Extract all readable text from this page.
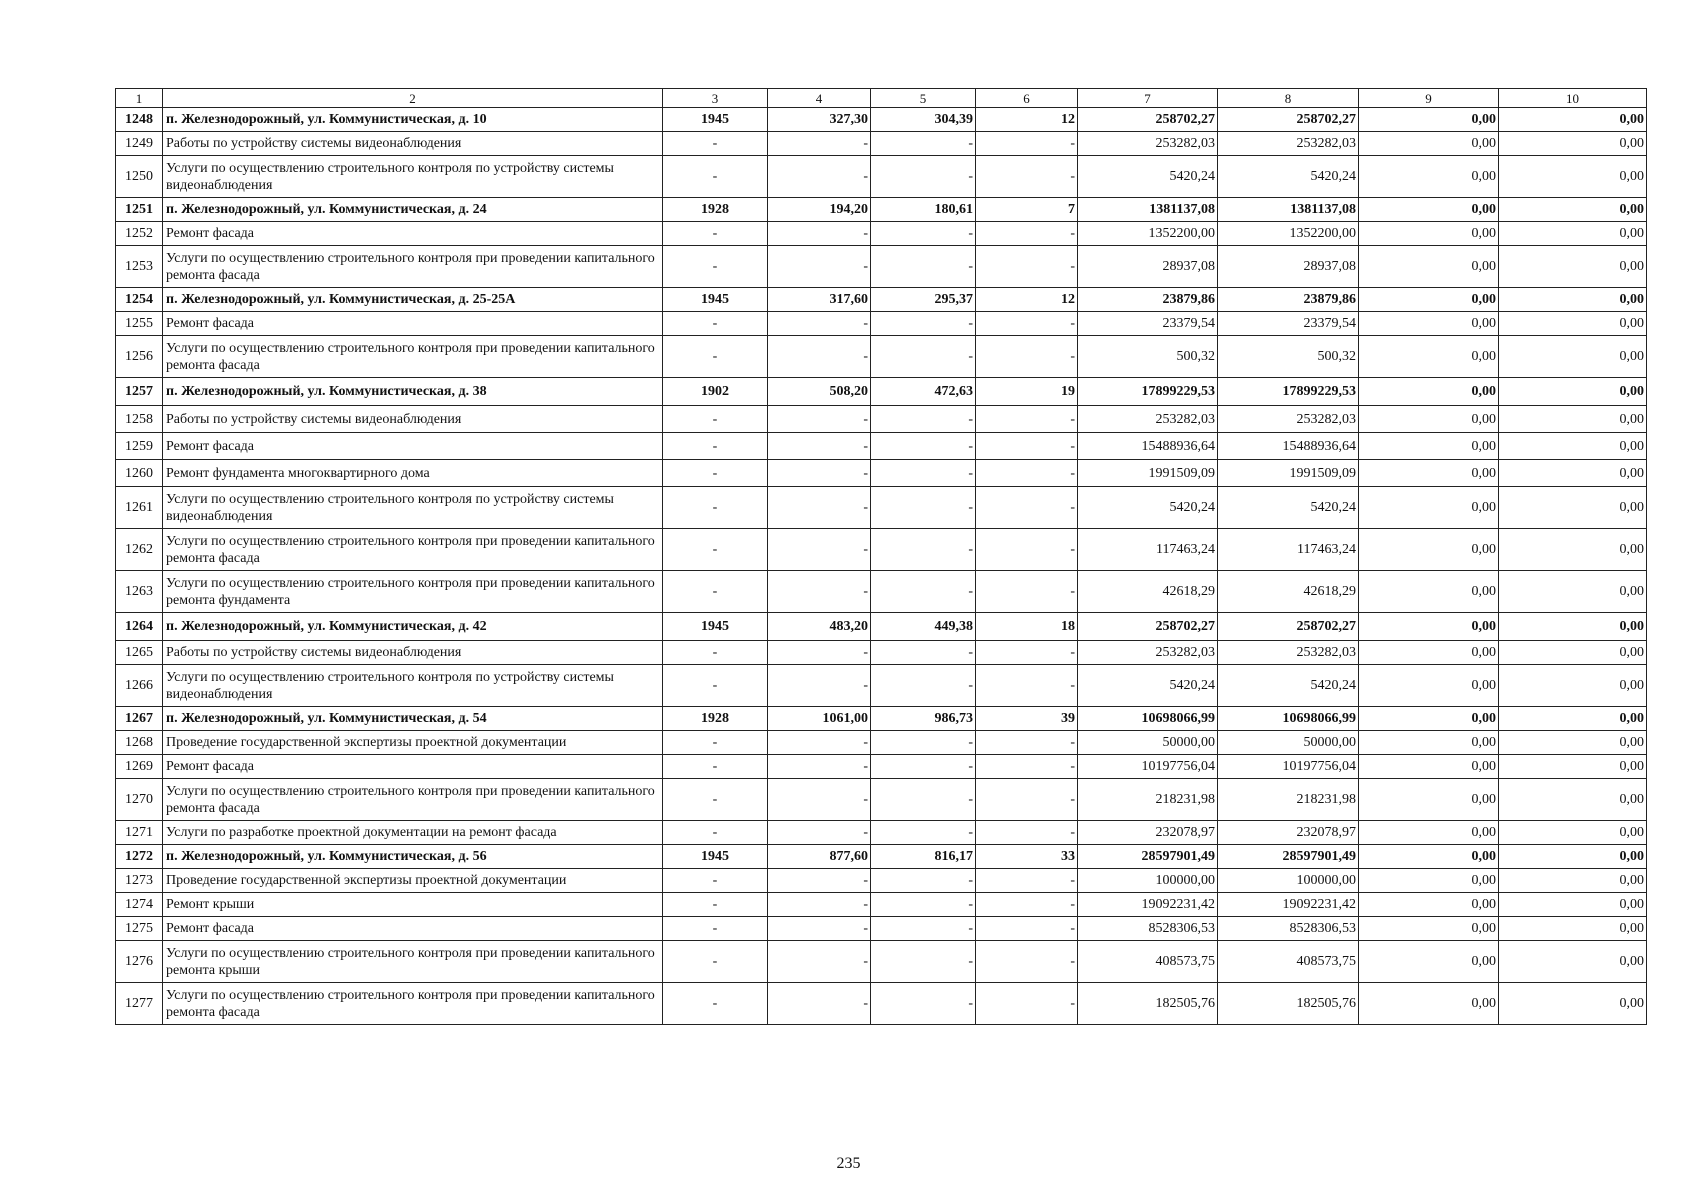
1	2	3	4	5	6	7	8	9	10
1248	п. Железнодорожный, ул. Коммунистическая, д. 10	1945	327,30	304,39	12	258702,27	258702,27	0,00	0,00
1249	Работы по устройству системы видеонаблюдения	-	-	-	-	253282,03	253282,03	0,00	0,00
1250	Услуги по осуществлению строительного контроля по устройству системы видеонаблюдения	-	-	-	-	5420,24	5420,24	0,00	0,00
1251	п. Железнодорожный, ул. Коммунистическая, д. 24	1928	194,20	180,61	7	1381137,08	1381137,08	0,00	0,00
1252	Ремонт фасада	-	-	-	-	1352200,00	1352200,00	0,00	0,00
1253	Услуги по осуществлению строительного контроля при проведении капитального ремонта фасада	-	-	-	-	28937,08	28937,08	0,00	0,00
1254	п. Железнодорожный, ул. Коммунистическая, д. 25-25А	1945	317,60	295,37	12	23879,86	23879,86	0,00	0,00
1255	Ремонт фасада	-	-	-	-	23379,54	23379,54	0,00	0,00
1256	Услуги по осуществлению строительного контроля при проведении капитального ремонта фасада	-	-	-	-	500,32	500,32	0,00	0,00
1257	п. Железнодорожный, ул. Коммунистическая, д. 38	1902	508,20	472,63	19	17899229,53	17899229,53	0,00	0,00
1258	Работы по устройству системы видеонаблюдения	-	-	-	-	253282,03	253282,03	0,00	0,00
1259	Ремонт фасада	-	-	-	-	15488936,64	15488936,64	0,00	0,00
1260	Ремонт фундамента многоквартирного дома	-	-	-	-	1991509,09	1991509,09	0,00	0,00
1261	Услуги по осуществлению строительного контроля по устройству системы видеонаблюдения	-	-	-	-	5420,24	5420,24	0,00	0,00
1262	Услуги по осуществлению строительного контроля при проведении капитального ремонта фасада	-	-	-	-	117463,24	117463,24	0,00	0,00
1263	Услуги по осуществлению строительного контроля при проведении капитального ремонта фундамента	-	-	-	-	42618,29	42618,29	0,00	0,00
1264	п. Железнодорожный, ул. Коммунистическая, д. 42	1945	483,20	449,38	18	258702,27	258702,27	0,00	0,00
1265	Работы по устройству системы видеонаблюдения	-	-	-	-	253282,03	253282,03	0,00	0,00
1266	Услуги по осуществлению строительного контроля по устройству системы видеонаблюдения	-	-	-	-	5420,24	5420,24	0,00	0,00
1267	п. Железнодорожный, ул. Коммунистическая, д. 54	1928	1061,00	986,73	39	10698066,99	10698066,99	0,00	0,00
1268	Проведение государственной экспертизы проектной документации	-	-	-	-	50000,00	50000,00	0,00	0,00
1269	Ремонт фасада	-	-	-	-	10197756,04	10197756,04	0,00	0,00
1270	Услуги по осуществлению строительного контроля при проведении капитального ремонта фасада	-	-	-	-	218231,98	218231,98	0,00	0,00
1271	Услуги по разработке проектной документации на ремонт фасада	-	-	-	-	232078,97	232078,97	0,00	0,00
1272	п. Железнодорожный, ул. Коммунистическая, д. 56	1945	877,60	816,17	33	28597901,49	28597901,49	0,00	0,00
1273	Проведение государственной экспертизы проектной документации	-	-	-	-	100000,00	100000,00	0,00	0,00
1274	Ремонт крыши	-	-	-	-	19092231,42	19092231,42	0,00	0,00
1275	Ремонт фасада	-	-	-	-	8528306,53	8528306,53	0,00	0,00
1276	Услуги по осуществлению строительного контроля при проведении капитального ремонта крыши	-	-	-	-	408573,75	408573,75	0,00	0,00
1277	Услуги по осуществлению строительного контроля при проведении капитального ремонта фасада	-	-	-	-	182505,76	182505,76	0,00	0,00
235
